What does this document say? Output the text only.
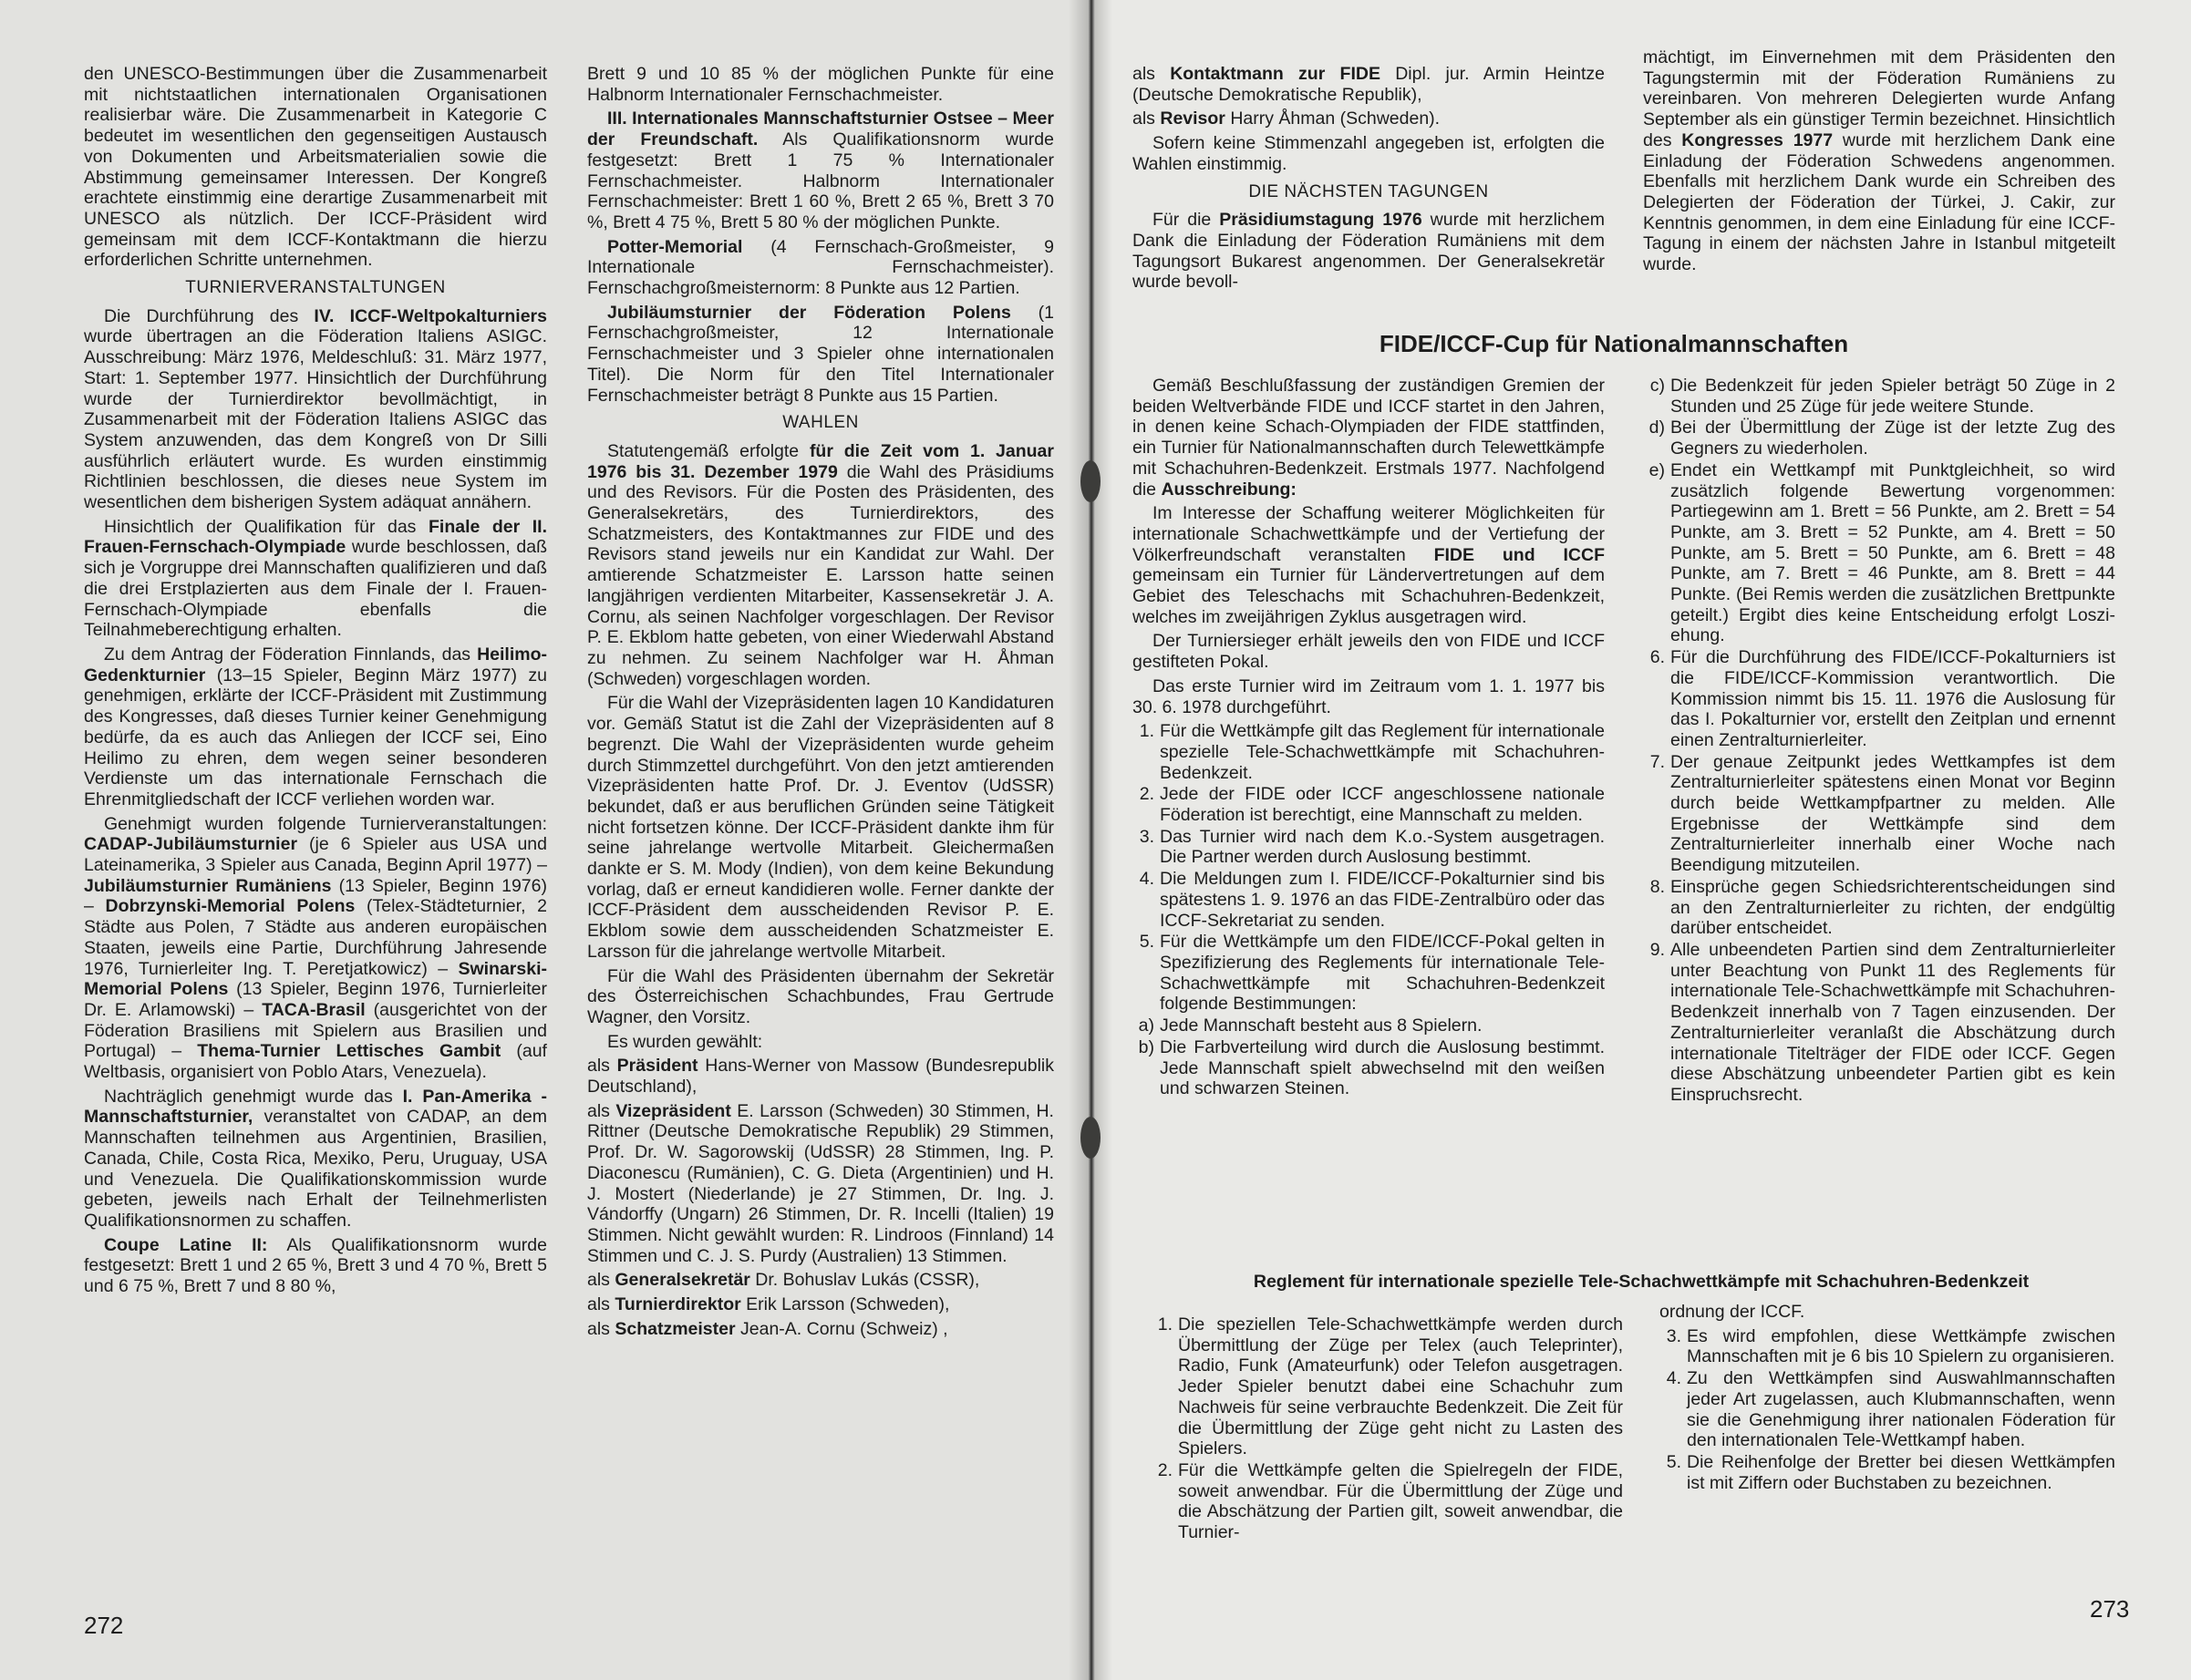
den UNESCO-Bestimmungen über die Zusammenarbeit mit nichtstaatlichen internationalen Organisationen realisierbar wäre. Die Zusammenarbeit in Kategorie C bedeutet im wesentlichen den gegenseitigen Austausch von Dokumenten und Arbeitsmaterialien sowie die Abstimmung gemeinsamer Interessen. Der Kongreß erachtete einstimmig eine derartige Zusammenarbeit mit UNESCO als nützlich. Der ICCF-Präsident wird gemeinsam mit dem ICCF-Kontaktmann die hierzu erforderlichen Schritte unternehmen.

TURNIERVERANSTALTUNGEN

Die Durchführung des IV. ICCF-Weltpokalturniers wurde übertragen an die Föderation Italiens ASIGC. Ausschreibung: März 1976, Meldeschluß: 31. März 1977, Start: 1. September 1977. Hinsichtlich der Durchführung wurde der Turnierdirektor bevollmächtigt, in Zusammenarbeit mit der Föderation Italiens ASIGC das System anzuwenden, das dem Kongreß von Dr Silli ausführlich erläutert wurde. Es wurden einstimmig Richtlinien beschlossen, die dieses neue System im wesentlichen dem bisherigen System adäquat annähern.

Hinsichtlich der Qualifikation für das Finale der II. Frauen-Fernschach-Olympiade wurde beschlossen, daß sich je Vorgruppe drei Mannschaften qualifizieren und daß die drei Erstplazierten aus dem Finale der I. Frauen-Fernschach-Olympiade ebenfalls die Teilnahmeberechtigung erhalten.

Zu dem Antrag der Föderation Finnlands, das Heilimo-Gedenkturnier (13–15 Spieler, Beginn März 1977) zu genehmigen, erklärte der ICCF-Präsident mit Zustimmung des Kongresses, daß dieses Turnier keiner Genehmigung bedürfe, da es auch das Anliegen der ICCF sei, Eino Heilimo zu ehren, dem wegen seiner besonderen Verdienste um das internationale Fernschach die Ehrenmitgliedschaft der ICCF verliehen worden war.

Genehmigt wurden folgende Turnierveranstaltungen: CADAP-Jubiläumsturnier (je 6 Spieler aus USA und Lateinamerika, 3 Spieler aus Canada, Beginn April 1977) – Jubiläumsturnier Rumäniens (13 Spieler, Beginn 1976) – Dobrzynski-Memorial Polens (Telex-Städteturnier, 2 Städte aus Polen, 7 Städte aus anderen europäischen Staaten, jeweils eine Partie, Durchführung Jahresende 1976, Turnierleiter Ing. T. Peretjatkowicz) – Swinarski-Memorial Polens (13 Spieler, Beginn 1976, Turnierleiter Dr. E. Arlamowski) – TACA-Brasil (ausgerichtet von der Föderation Brasiliens mit Spielern aus Brasilien und Portugal) – Thema-Turnier Lettisches Gambit (auf Weltbasis, organisiert von Poblo Atars, Venezuela).

Nachträglich genehmigt wurde das I. Pan-Amerika - Mannschaftsturnier, veranstaltet von CADAP, an dem Mannschaften teilnehmen aus Argentinien, Brasilien, Canada, Chile, Costa Rica, Mexiko, Peru, Uruguay, USA und Venezuela. Die Qualifikationskommission wurde gebeten, jeweils nach Erhalt der Teilnehmerlisten Qualifikationsnormen zu schaffen.

Coupe Latine II: Als Qualifikationsnorm wurde festgesetzt: Brett 1 und 2 65 %, Brett 3 und 4 70 %, Brett 5 und 6 75 %, Brett 7 und 8 80 %,

Brett 9 und 10 85 % der möglichen Punkte für eine Halbnorm Internationaler Fernschachmeister.

III. Internationales Mannschaftsturnier Ostsee – Meer der Freundschaft. Als Qualifikationsnorm wurde festgesetzt: Brett 1 75 % Internationaler Fernschachmeister. Halbnorm Internationaler Fernschachmeister: Brett 1 60 %, Brett 2 65 %, Brett 3 70 %, Brett 4 75 %, Brett 5 80 % der möglichen Punkte.

Potter-Memorial (4 Fernschach-Großmeister, 9 Internationale Fernschachmeister). Fernschachgroßmeisternorm: 8 Punkte aus 12 Partien.

Jubiläumsturnier der Föderation Polens (1 Fernschachgroßmeister, 12 Internationale Fernschachmeister und 3 Spieler ohne internationalen Titel). Die Norm für den Titel Internationaler Fernschachmeister beträgt 8 Punkte aus 15 Partien.

WAHLEN

Statutengemäß erfolgte für die Zeit vom 1. Januar 1976 bis 31. Dezember 1979 die Wahl des Präsidiums und des Revisors. Für die Posten des Präsidenten, des Generalsekretärs, des Turnierdirektors, des Schatzmeisters, des Kontaktmannes zur FIDE und des Revisors stand jeweils nur ein Kandidat zur Wahl. Der amtierende Schatzmeister E. Larsson hatte seinen langjährigen verdienten Mitarbeiter, Kassensekretär J. A. Cornu, als seinen Nachfolger vorgeschlagen. Der Revisor P. E. Ekblom hatte gebeten, von einer Wiederwahl Abstand zu nehmen. Zu seinem Nachfolger war H. Åhman (Schweden) vorgeschlagen worden.

Für die Wahl der Vizepräsidenten lagen 10 Kandidaturen vor. Gemäß Statut ist die Zahl der Vizepräsidenten auf 8 begrenzt. Die Wahl der Vizepräsidenten wurde geheim durch Stimmzettel durchgeführt. Von den jetzt amtierenden Vizepräsidenten hatte Prof. Dr. J. Eventov (UdSSR) bekundet, daß er aus beruflichen Gründen seine Tätigkeit nicht fortsetzen könne. Der ICCF-Präsident dankte ihm für seine jahrelange wertvolle Mitarbeit. Gleichermaßen dankte er S. M. Mody (Indien), von dem keine Bekundung vorlag, daß er erneut kandidieren wolle. Ferner dankte der ICCF-Präsident dem ausscheidenden Revisor P. E. Ekblom sowie dem ausscheidenden Schatzmeister E. Larsson für die jahrelange wertvolle Mitarbeit.

Für die Wahl des Präsidenten übernahm der Sekretär des Österreichischen Schachbundes, Frau Gertrude Wagner, den Vorsitz.

Es wurden gewählt:

als Präsident Hans-Werner von Massow (Bundesrepublik Deutschland),

als Vizepräsident E. Larsson (Schweden) 30 Stimmen, H. Rittner (Deutsche Demokratische Republik) 29 Stimmen, Prof. Dr. W. Sagorowskij (UdSSR) 28 Stimmen, Ing. P. Diaconescu (Rumänien), C. G. Dieta (Argentinien) und H. J. Mostert (Niederlande) je 27 Stimmen, Dr. Ing. J. Vándorffy (Ungarn) 26 Stimmen, Dr. R. Incelli (Italien) 19 Stimmen. Nicht gewählt wurden: R. Lindroos (Finnland) 14 Stimmen und C. J. S. Purdy (Australien) 13 Stimmen.

als Generalsekretär Dr. Bohuslav Lukás (CSSR),

als Turnierdirektor Erik Larsson (Schweden),

als Schatzmeister Jean-A. Cornu (Schweiz) ,

272

als Kontaktmann zur FIDE Dipl. jur. Armin Heintze (Deutsche Demokratische Republik),

als Revisor Harry Åhman (Schweden).

Sofern keine Stimmenzahl angegeben ist, erfolgten die Wahlen einstimmig.

DIE NÄCHSTEN TAGUNGEN

Für die Präsidiumstagung 1976 wurde mit herzlichem Dank die Einladung der Föderation Rumäniens mit dem Tagungsort Bukarest angenommen. Der Generalsekretär wurde bevoll-

mächtigt, im Einvernehmen mit dem Präsidenten den Tagungstermin mit der Föderation Rumäniens zu vereinbaren. Von mehreren Delegierten wurde Anfang September als ein günstiger Termin bezeichnet. Hinsichtlich des Kongresses 1977 wurde mit herzlichem Dank eine Einladung der Föderation Schwedens angenommen. Ebenfalls mit herzlichem Dank wurde ein Schreiben des Delegierten der Föderation der Türkei, J. Cakir, zur Kenntnis genommen, in dem eine Einladung für eine ICCF-Tagung in einem der nächsten Jahre in Istanbul mitgeteilt wurde.

FIDE/ICCF-Cup für Nationalmannschaften

Gemäß Beschlußfassung der zuständigen Gremien der beiden Weltverbände FIDE und ICCF startet in den Jahren, in denen keine Schach-Olympiaden der FIDE stattfinden, ein Turnier für Nationalmannschaften durch Telewettkämpfe mit Schachuhren-Bedenkzeit. Erstmals 1977. Nachfolgend die Ausschreibung:

Im Interesse der Schaffung weiterer Möglichkeiten für internationale Schachwettkämpfe und der Vertiefung der Völkerfreundschaft veranstalten FIDE und ICCF gemeinsam ein Turnier für Ländervertretungen auf dem Gebiet des Teleschachs mit Schachuhren-Bedenkzeit, welches im zweijährigen Zyklus ausgetragen wird.

Der Turniersieger erhält jeweils den von FIDE und ICCF gestifteten Pokal.

Das erste Turnier wird im Zeitraum vom 1. 1. 1977 bis 30. 6. 1978 durchgeführt.

1. Für die Wettkämpfe gilt das Reglement für internationale spezielle Tele-Schachwettkämpfe mit Schachuhren-Bedenkzeit.
2. Jede der FIDE oder ICCF angeschlossene nationale Föderation ist berechtigt, eine Mannschaft zu melden.
3. Das Turnier wird nach dem K.o.-System ausgetragen. Die Partner werden durch Auslosung bestimmt.
4. Die Meldungen zum I. FIDE/ICCF-Pokalturnier sind bis spätestens 1. 9. 1976 an das FIDE-Zentralbüro oder das ICCF-Sekretariat zu senden.
5. Für die Wettkämpfe um den FIDE/ICCF-Pokal gelten in Spezifizierung des Reglements für internationale Tele-Schachwettkämpfe mit Schachuhren-Bedenkzeit folgende Bestimmungen:
a) Jede Mannschaft besteht aus 8 Spielern.
b) Die Farbverteilung wird durch die Auslosung bestimmt. Jede Mannschaft spielt abwechselnd mit den weißen und schwarzen Steinen.
c) Die Bedenkzeit für jeden Spieler beträgt 50 Züge in 2 Stunden und 25 Züge für jede weitere Stunde.
d) Bei der Übermittlung der Züge ist der letzte Zug des Gegners zu wiederholen.
e) Endet ein Wettkampf mit Punktgleichheit, so wird zusätzlich folgende Bewertung vorgenommen: Partiegewinn am 1. Brett = 56 Punkte, am 2. Brett = 54 Punkte, am 3. Brett = 52 Punkte, am 4. Brett = 50 Punkte, am 5. Brett = 50 Punkte, am 6. Brett = 48 Punkte, am 7. Brett = 46 Punkte, am 8. Brett = 44 Punkte. (Bei Remis werden die zusätzlichen Brettpunkte geteilt.) Ergibt dies keine Entscheidung erfolgt Losziehung.
6. Für die Durchführung des FIDE/ICCF-Pokalturniers ist die FIDE/ICCF-Kommission verantwortlich. Die Kommission nimmt bis 15. 11. 1976 die Auslosung für das I. Pokalturnier vor, erstellt den Zeitplan und ernennt einen Zentralturnierleiter.
7. Der genaue Zeitpunkt jedes Wettkampfes ist dem Zentralturnierleiter spätestens einen Monat vor Beginn durch beide Wettkampfpartner zu melden. Alle Ergebnisse der Wettkämpfe sind dem Zentralturnierleiter innerhalb einer Woche nach Beendigung mitzuteilen.
8. Einsprüche gegen Schiedsrichterentscheidungen sind an den Zentralturnierleiter zu richten, der endgültig darüber entscheidet.
9. Alle unbeendeten Partien sind dem Zentralturnierleiter unter Beachtung von Punkt 11 des Reglements für internationale Tele-Schachwettkämpfe mit Schachuhren-Bedenkzeit innerhalb von 7 Tagen einzusenden. Der Zentralturnierleiter veranlaßt die Abschätzung durch internationale Titelträger der FIDE oder ICCF. Gegen diese Abschätzung unbeendeter Partien gibt es kein Einspruchsrecht.
Reglement für internationale spezielle Tele-Schachwettkämpfe mit Schachuhren-Bedenkzeit
1. Die speziellen Tele-Schachwettkämpfe werden durch Übermittlung der Züge per Telex (auch Teleprinter), Radio, Funk (Amateurfunk) oder Telefon ausgetragen. Jeder Spieler benutzt dabei eine Schachuhr zum Nachweis für seine verbrauchte Bedenkzeit. Die Zeit für die Übermittlung der Züge geht nicht zu Lasten des Spielers.
2. Für die Wettkämpfe gelten die Spielregeln der FIDE, soweit anwendbar. Für die Übermittlung der Züge und die Abschätzung der Partien gilt, soweit anwendbar, die Turnier-

ordnung der ICCF.

3. Es wird empfohlen, diese Wettkämpfe zwischen Mannschaften mit je 6 bis 10 Spielern zu organisieren.
4. Zu den Wettkämpfen sind Auswahlmannschaften jeder Art zugelassen, auch Klubmannschaften, wenn sie die Genehmigung ihrer nationalen Föderation für den internationalen Tele-Wettkampf haben.
5. Die Reihenfolge der Bretter bei diesen Wettkämpfen ist mit Ziffern oder Buchstaben zu bezeichnen.
273
